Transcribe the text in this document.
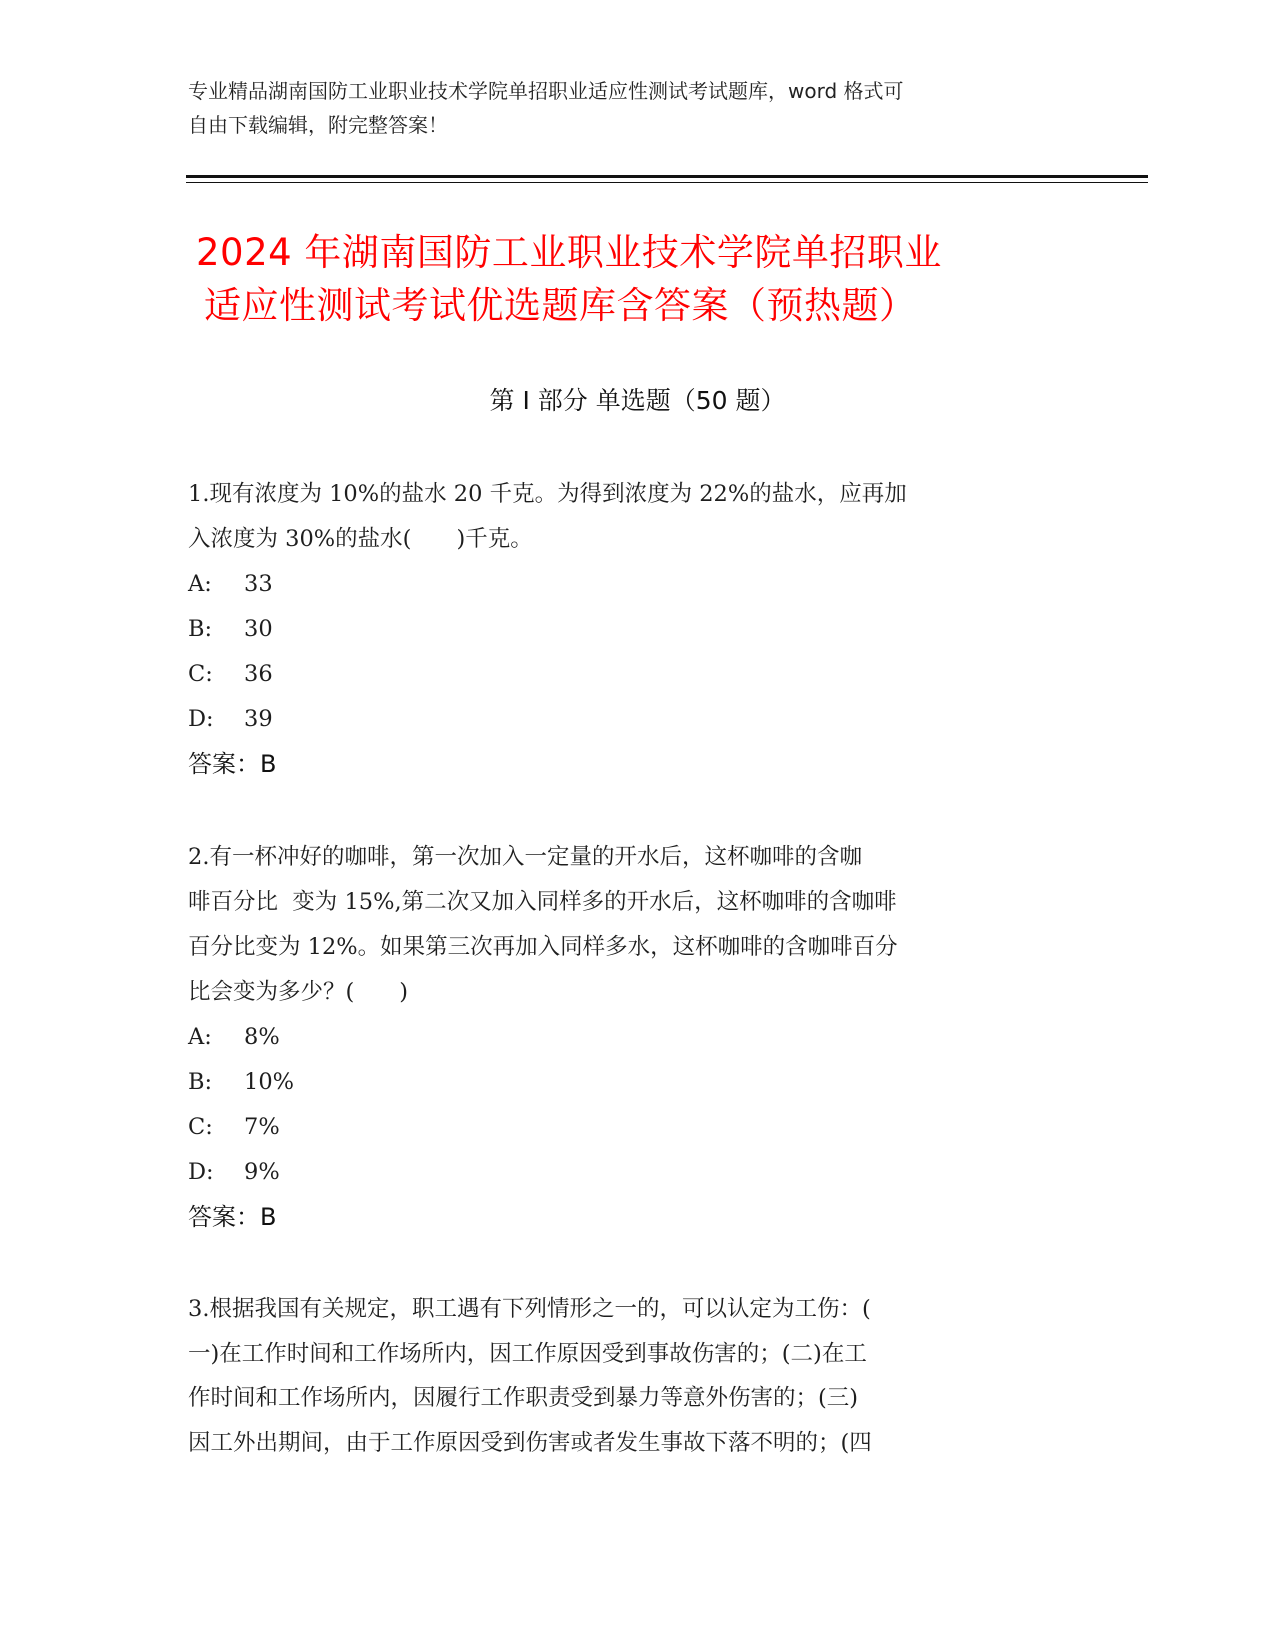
专业精品湖南国防工业职业技术学院单招职业适应性测试考试题库，word 格式可
自由下载编辑，附完整答案！
2024 年湖南国防工业职业技术学院单招职业
适应性测试考试优选题库含答案（预热题）
第 I 部分 单选题（50 题）
1.现有浓度为 10%的盐水 20 千克。为得到浓度为 22%的盐水，应再加
入浓度为 30%的盐水(　　)千克。
A: 33
B: 30
C: 36
D: 39
答案：B
2.有一杯冲好的咖啡，第一次加入一定量的开水后，这杯咖啡的含咖
啡百分比  变为 15%,第二次又加入同样多的开水后，这杯咖啡的含咖啡
百分比变为 12%。如果第三次再加入同样多水，这杯咖啡的含咖啡百分
比会变为多少？(　　)
A: 8%
B: 10%
C: 7%
D: 9%
答案：B
3.根据我国有关规定，职工遇有下列情形之一的，可以认定为工伤：(
一)在工作时间和工作场所内，因工作原因受到事故伤害的；(二)在工
作时间和工作场所内，因履行工作职责受到暴力等意外伤害的；(三)
因工外出期间，由于工作原因受到伤害或者发生事故下落不明的；(四
